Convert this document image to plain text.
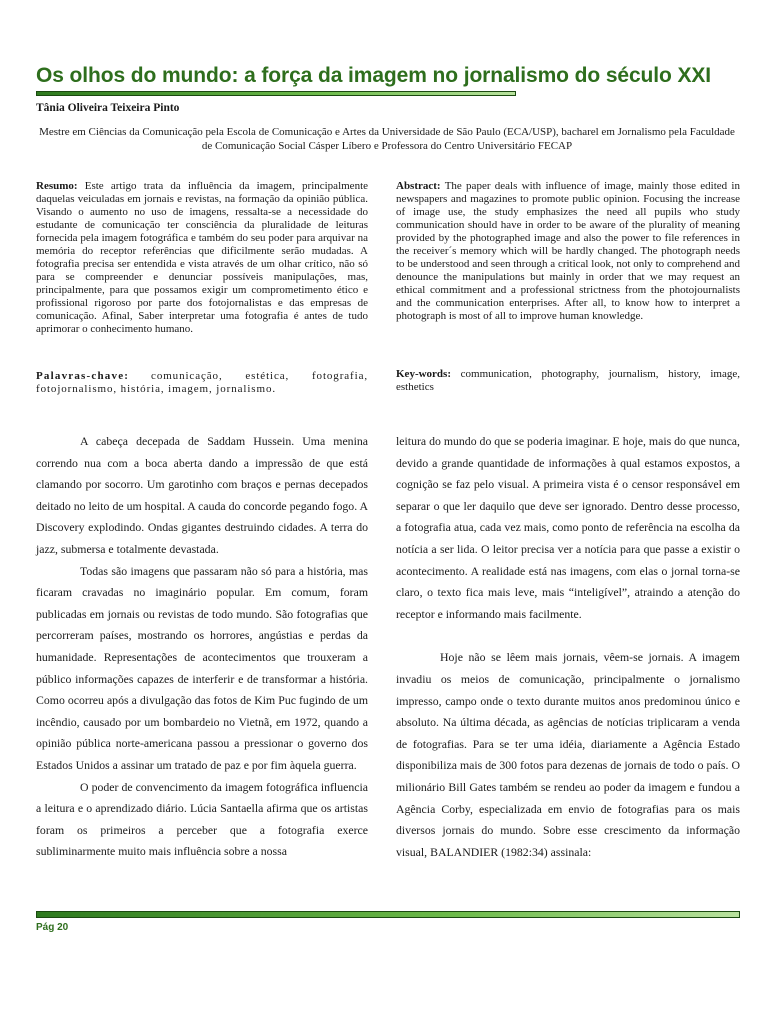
Os olhos do mundo: a força da imagem no jornalismo do século XXI
Tânia Oliveira Teixeira Pinto
Mestre em Ciências da Comunicação pela Escola de Comunicação e Artes da Universidade de São Paulo (ECA/USP), bacharel em Jornalismo pela Faculdade de Comunicação Social Cásper Líbero e Professora do Centro Universitário FECAP
Resumo: Este artigo trata da influência da imagem, principalmente daquelas veiculadas em jornais e revistas, na formação da opinião pública. Visando o aumento no uso de imagens, ressalta-se a necessidade do estudante de comunicação ter consciência da pluralidade de leituras fornecida pela imagem fotográfica e também do seu poder para arquivar na memória do receptor referências que dificilmente serão mudadas. A fotografia precisa ser entendida e vista através de um olhar crítico, não só para se compreender e denunciar possíveis manipulações, mas, principalmente, para que possamos exigir um comprometimento ético e profissional rigoroso por parte dos fotojornalistas e das empresas de comunicação. Afinal, Saber interpretar uma fotografia é antes de tudo aprimorar o conhecimento humano.
Palavras-chave: comunicação, estética, fotografia, fotojornalismo, história, imagem, jornalismo.
Abstract: The paper deals with influence of image, mainly those edited in newspapers and magazines to promote public opinion. Focusing the increase of image use, the study emphasizes the need all pupils who study communication should have in order to be aware of the plurality of meaning provided by the photographed image and also the power to file references in the receiver´s memory which will be hardly changed. The photograph needs to be understood and seen through a critical look, not only to comprehend and denounce the manipulations but mainly in order that we may request an ethical commitment and a professional strictness from the photojournalists and the communication enterprises. After all, to know how to interpret a photograph is most of all to improve human knowledge.
Key-words: communication, photography, journalism, history, image, esthetics

A cabeça decepada de Saddam Hussein. Uma menina correndo nua com a boca aberta dando a impressão de que está clamando por socorro. Um garotinho com braços e pernas decepados deitado no leito de um hospital. A cauda do concorde pegando fogo. A Discovery explodindo. Ondas gigantes destruindo cidades. A terra do jazz, submersa e totalmente devastada.

Todas são imagens que passaram não só para a história, mas ficaram cravadas no imaginário popular. Em comum, foram publicadas em jornais ou revistas de todo mundo. São fotografias que percorreram países, mostrando os horrores, angústias e perdas da humanidade. Representações de acontecimentos que trouxeram a público informações capazes de interferir e de transformar a história. Como ocorreu após a divulgação das fotos de Kim Puc fugindo de um incêndio, causado por um bombardeio no Vietnã, em 1972, quando a opinião pública norte-americana passou a pressionar o governo dos Estados Unidos a assinar um tratado de paz e por fim àquela guerra.

O poder de convencimento da imagem fotográfica influencia a leitura e o aprendizado diário. Lúcia Santaella afirma que os artistas foram os primeiros a perceber que a fotografia exerce subliminarmente muito mais influência sobre a nossa

leitura do mundo do que se poderia imaginar. E hoje, mais do que nunca, devido a grande quantidade de informações à qual estamos expostos, a cognição se faz pelo visual. A primeira vista é o censor responsável em separar o que ler daquilo que deve ser ignorado. Dentro desse processo, a fotografia atua, cada vez mais, como ponto de referência na escolha da notícia a ser lida. O leitor precisa ver a notícia para que passe a existir o acontecimento. A realidade está nas imagens, com elas o jornal torna-se claro, o texto fica mais leve, mais “inteligível”, atraindo a atenção do receptor e informando mais facilmente.

Hoje não se lêem mais jornais, vêem-se jornais. A imagem invadiu os meios de comunicação, principalmente o jornalismo impresso, campo onde o texto durante muitos anos predominou único e absoluto. Na última década, as agências de notícias triplicaram a venda de fotografias. Para se ter uma idéia, diariamente a Agência Estado disponibiliza mais de 300 fotos para dezenas de jornais de todo o país. O milionário Bill Gates também se rendeu ao poder da imagem e fundou a Agência Corby, especializada em envio de fotografias para os mais diversos jornais do mundo. Sobre esse crescimento da informação visual, BALANDIER (1982:34) assinala:

Pág 20
